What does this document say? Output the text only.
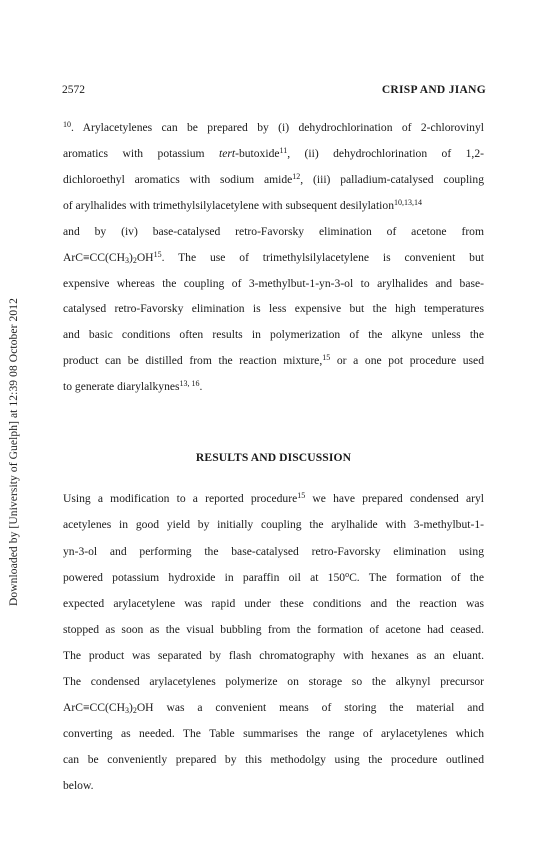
Downloaded by [University of Guelph] at 12:39 08 October 2012
2572	CRISP AND JIANG
$^{10}$. Arylacetylenes can be prepared by (i) dehydrochlorination of 2-chlorovinyl
aromatics with potassium tert-butoxide$^{11}$, (ii) dehydrochlorination of 1,2-
dichloroethyl aromatics with sodium amide$^{12}$, (iii) palladium-catalysed coupling
of arylhalides with trimethylsilylacetylene with subsequent desilylation$^{10,13,14}$
and by (iv) base-catalysed retro-Favorsky elimination of acetone from
$ArC\equiv CC(CH_3)_2OH^{15}$. The use of trimethylsilylacetylene is convenient but
expensive whereas the coupling of 3-methylbut-1-yn-3-ol to arylhalides and base-
catalysed retro-Favorsky elimination is less expensive but the high temperatures
and basic conditions often results in polymerization of the alkyne unless the
product can be distilled from the reaction mixture,$^{15}$ or a one pot procedure used
to generate diarylalkynes$^{13, 16}$.
RESULTS AND DISCUSSION
Using a modification to a reported procedure$^{15}$ we have prepared condensed aryl
acetylenes in good yield by initially coupling the arylhalide with 3-methylbut-1-
yn-3-ol and performing the base-catalysed retro-Favorsky elimination using
powered potassium hydroxide in paraffin oil at 150$^o$C. The formation of the
expected arylacetylene was rapid under these conditions and the reaction was
stopped as soon as the visual bubbling from the formation of acetone had ceased.
The product was separated by flash chromatography with hexanes as an eluant.
The condensed arylacetylenes polymerize on storage so the alkynyl precursor
$ArC\equiv CC(CH_3)_2OH$ was a convenient means of storing the material and
converting as needed. The Table summarises the range of arylacetylenes which
can be conveniently prepared by this methodolgy using the procedure outlined
below.
